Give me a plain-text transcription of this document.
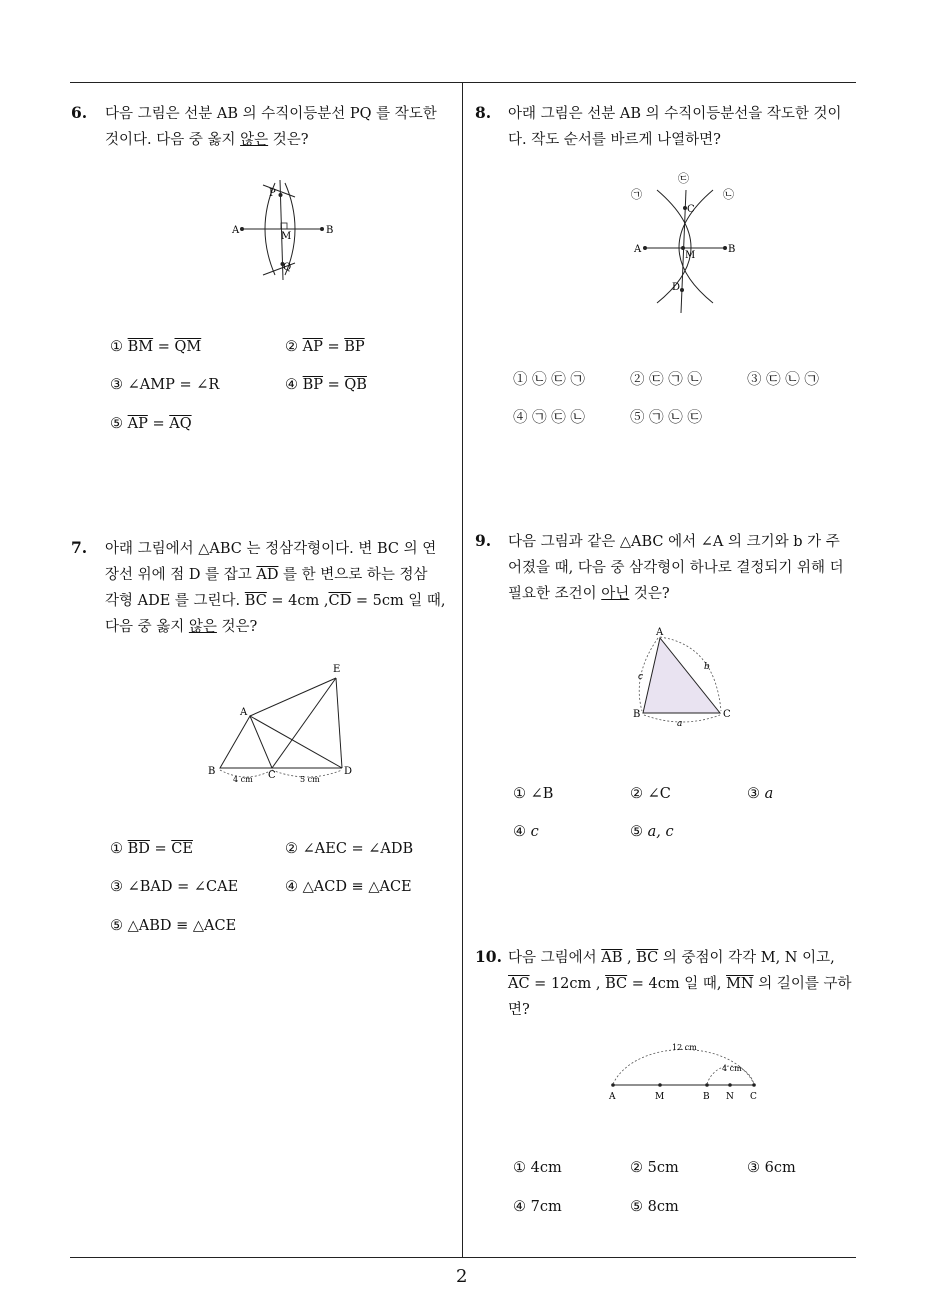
6. 다음 그림은 선분 AB 의 수직이등분선 PQ 를 작도한
것이다. 다음 중 옳지 않은 것은?
A	B
P
Q
M
① $\overline{BM} = \overline{QM}$	② $\overline{AP} = \overline{BP}$
③ ∠AMP = ∠R	④ $\overline{BP} = \overline{QB}$
⑤ $\overline{AP} = \overline{AQ}$
7. 아래 그림에서 △ABC 는 정삼각형이다. 변 BC 의 연
장선 위에 점 D 를 잡고 $\overline{AD}$ 를 한 변으로 하는 정삼
각형 ADE 를 그린다. $\overline{BC} = 4cm$ $,\overline{CD} = 5cm$ 일 때,
다음 중 옳지 않은 것은?
A
B	C	D
E
4 cm	5 cm
① $\overline{BD} = \overline{CE}$	② ∠AEC = ∠ADB
③ ∠BAD = ∠CAE	④ △ACD ≡ △ACE
⑤ △ABD ≡ △ACE
8. 아래 그림은 선분 AB 의 수직이등분선을 작도한 것이
다. 작도 순서를 바르게 나열하면?
㉠	㉡
㉢
A	B
C
D
M
① ㉡ ㉢ ㉠	② ㉢ ㉠ ㉡	③ ㉢ ㉡ ㉠
④ ㉠ ㉢ ㉡	⑤ ㉠ ㉡ ㉢
9. 다음 그림과 같은 △ABC 에서 ∠A 의 크기와 b 가 주
어졌을 때, 다음 중 삼각형이 하나로 결정되기 위해 더
필요한 조건이 아닌 것은?
A
B	C
a
b
c
① ∠B	② ∠C	③ a
④ c	⑤ a, c
10. 다음 그림에서 $\overline{AB}$ , $\overline{BC}$ 의 중점이 각각 M, N 이고,
$\overline{AC} = 12cm$ , $\overline{BC} = 4cm$ 일 때, $\overline{MN}$ 의 길이를 구하
면?
12 cm
4 cm
A	M	B N C
① 4cm	② 5cm	③ 6cm
④ 7cm	⑤ 8cm
2
